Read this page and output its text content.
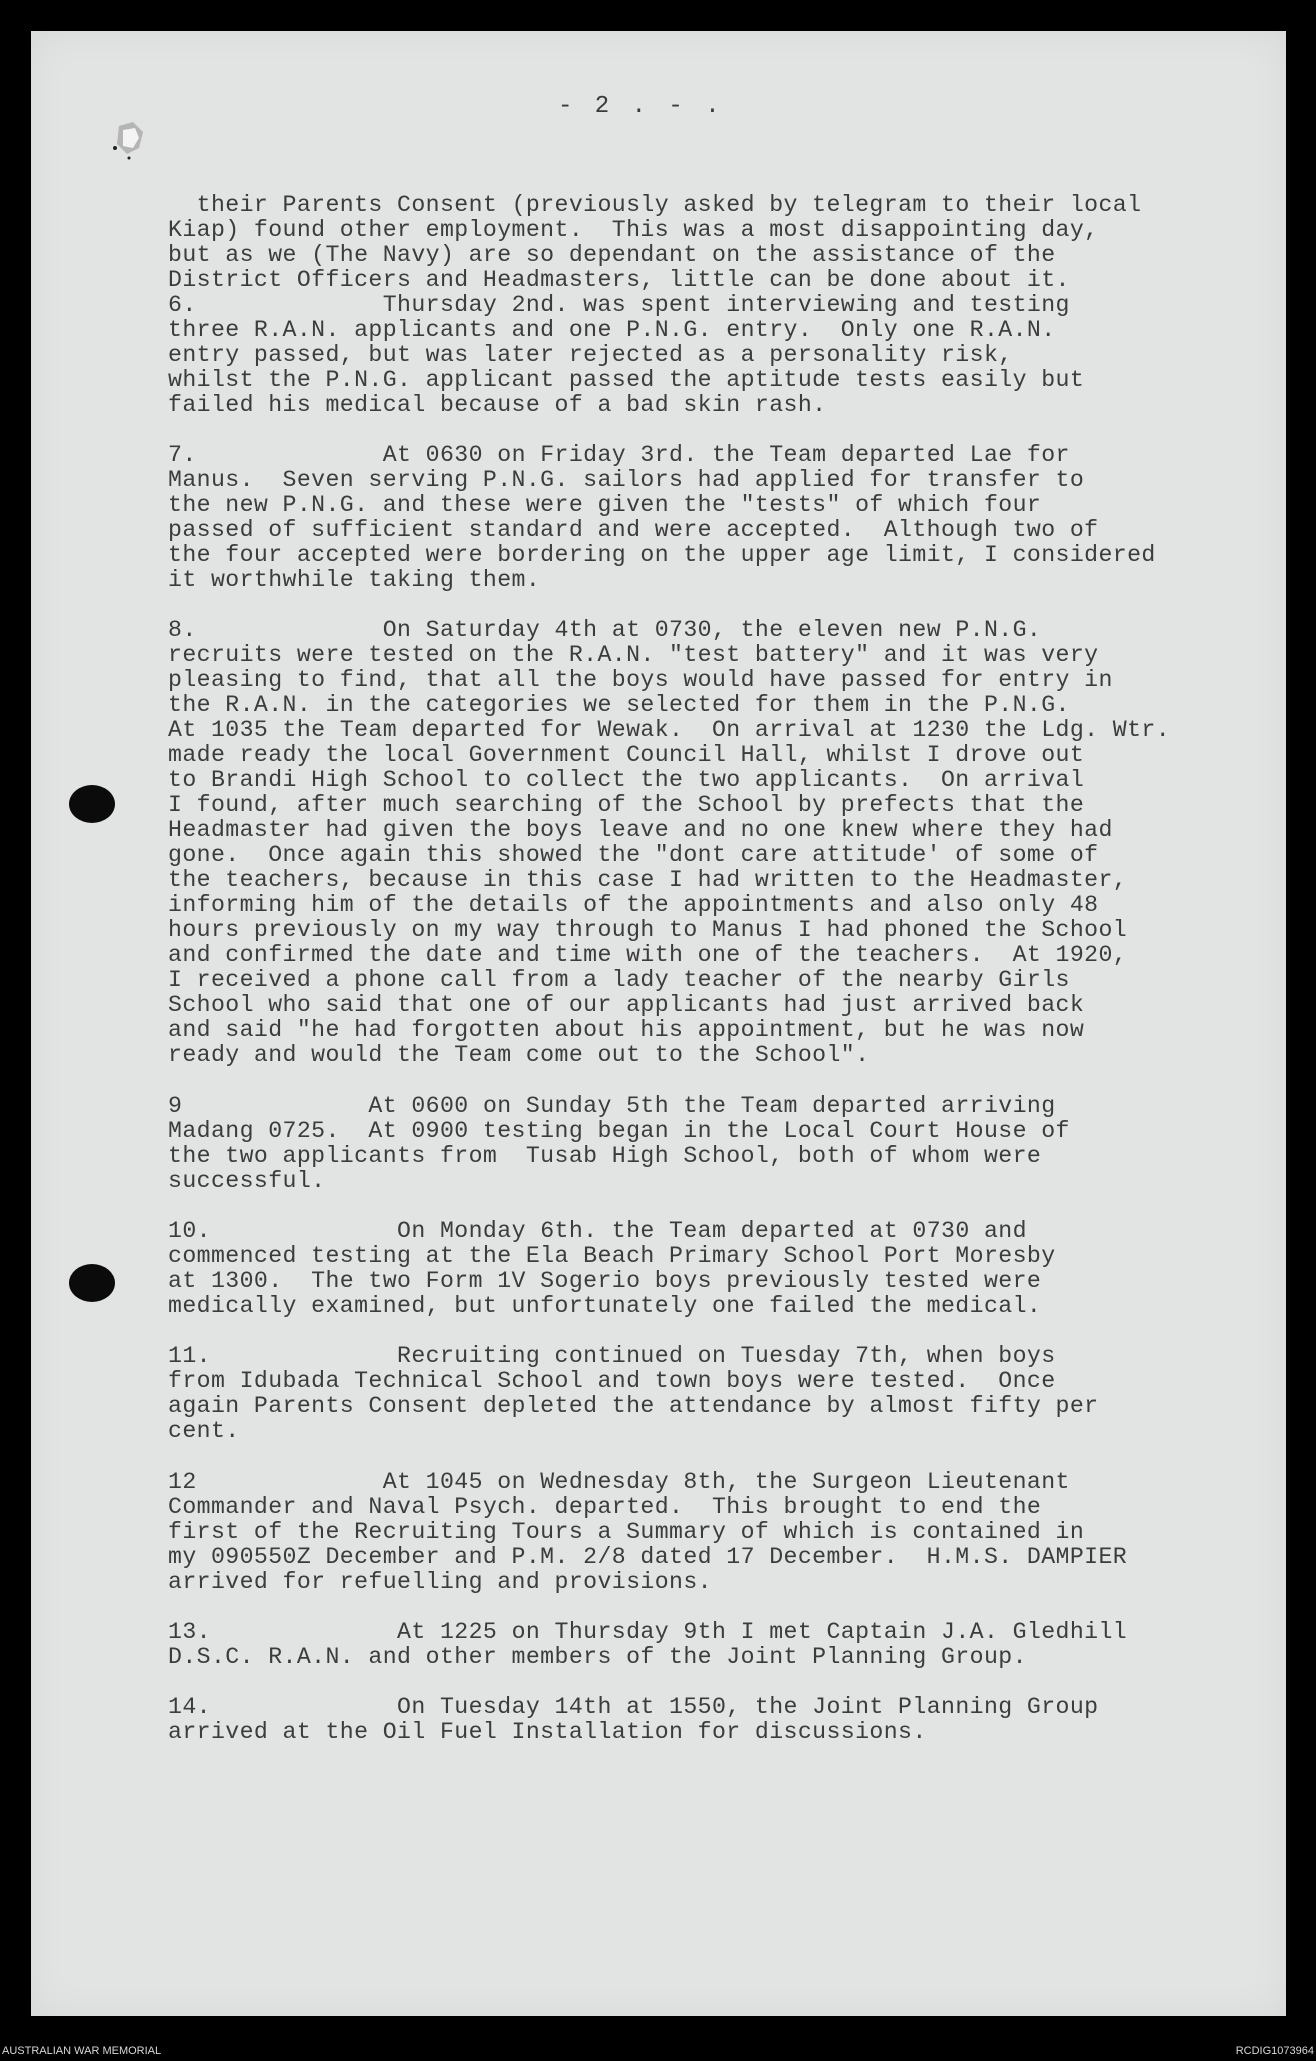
- 2 . - .

their Parents Consent (previously asked by telegram to their local
Kiap) found other employment.  This was a most disappointing day,
but as we (The Navy) are so dependant on the assistance of the
District Officers and Headmasters, little can be done about it.

6.             Thursday 2nd. was spent interviewing and testing
three R.A.N. applicants and one P.N.G. entry.  Only one R.A.N.
entry passed, but was later rejected as a personality risk,
whilst the P.N.G. applicant passed the aptitude tests easily but
failed his medical because of a bad skin rash.
7.             At 0630 on Friday 3rd. the Team departed Lae for
Manus.  Seven serving P.N.G. sailors had applied for transfer to
the new P.N.G. and these were given the "tests" of which four
passed of sufficient standard and were accepted.  Although two of
the four accepted were bordering on the upper age limit, I considered
it worthwhile taking them.
8.             On Saturday 4th at 0730, the eleven new P.N.G.
recruits were tested on the R.A.N. "test battery" and it was very
pleasing to find, that all the boys would have passed for entry in
the R.A.N. in the categories we selected for them in the P.N.G.
At 1035 the Team departed for Wewak.  On arrival at 1230 the Ldg. Wtr.
made ready the local Government Council Hall, whilst I drove out
to Brandi High School to collect the two applicants.  On arrival
I found, after much searching of the School by prefects that the
Headmaster had given the boys leave and no one knew where they had
gone.  Once again this showed the "dont care attitude' of some of
the teachers, because in this case I had written to the Headmaster,
informing him of the details of the appointments and also only 48
hours previously on my way through to Manus I had phoned the School
and confirmed the date and time with one of the teachers.  At 1920,
I received a phone call from a lady teacher of the nearby Girls
School who said that one of our applicants had just arrived back
and said "he had forgotten about his appointment, but he was now
ready and would the Team come out to the School".
9             At 0600 on Sunday 5th the Team departed arriving
Madang 0725.  At 0900 testing began in the Local Court House of
the two applicants from  Tusab High School, both of whom were
successful.
10.             On Monday 6th. the Team departed at 0730 and
commenced testing at the Ela Beach Primary School Port Moresby
at 1300.  The two Form 1V Sogerio boys previously tested were
medically examined, but unfortunately one failed the medical.
11.             Recruiting continued on Tuesday 7th, when boys
from Idubada Technical School and town boys were tested.  Once
again Parents Consent depleted the attendance by almost fifty per
cent.
12             At 1045 on Wednesday 8th, the Surgeon Lieutenant
Commander and Naval Psych. departed.  This brought to end the
first of the Recruiting Tours a Summary of which is contained in
my 090550Z December and P.M. 2/8 dated 17 December.  H.M.S. DAMPIER
arrived for refuelling and provisions.
13.             At 1225 on Thursday 9th I met Captain J.A. Gledhill
D.S.C. R.A.N. and other members of the Joint Planning Group.
14.             On Tuesday 14th at 1550, the Joint Planning Group
arrived at the Oil Fuel Installation for discussions.
AUSTRALIAN WAR MEMORIAL	RCDIG1073964
